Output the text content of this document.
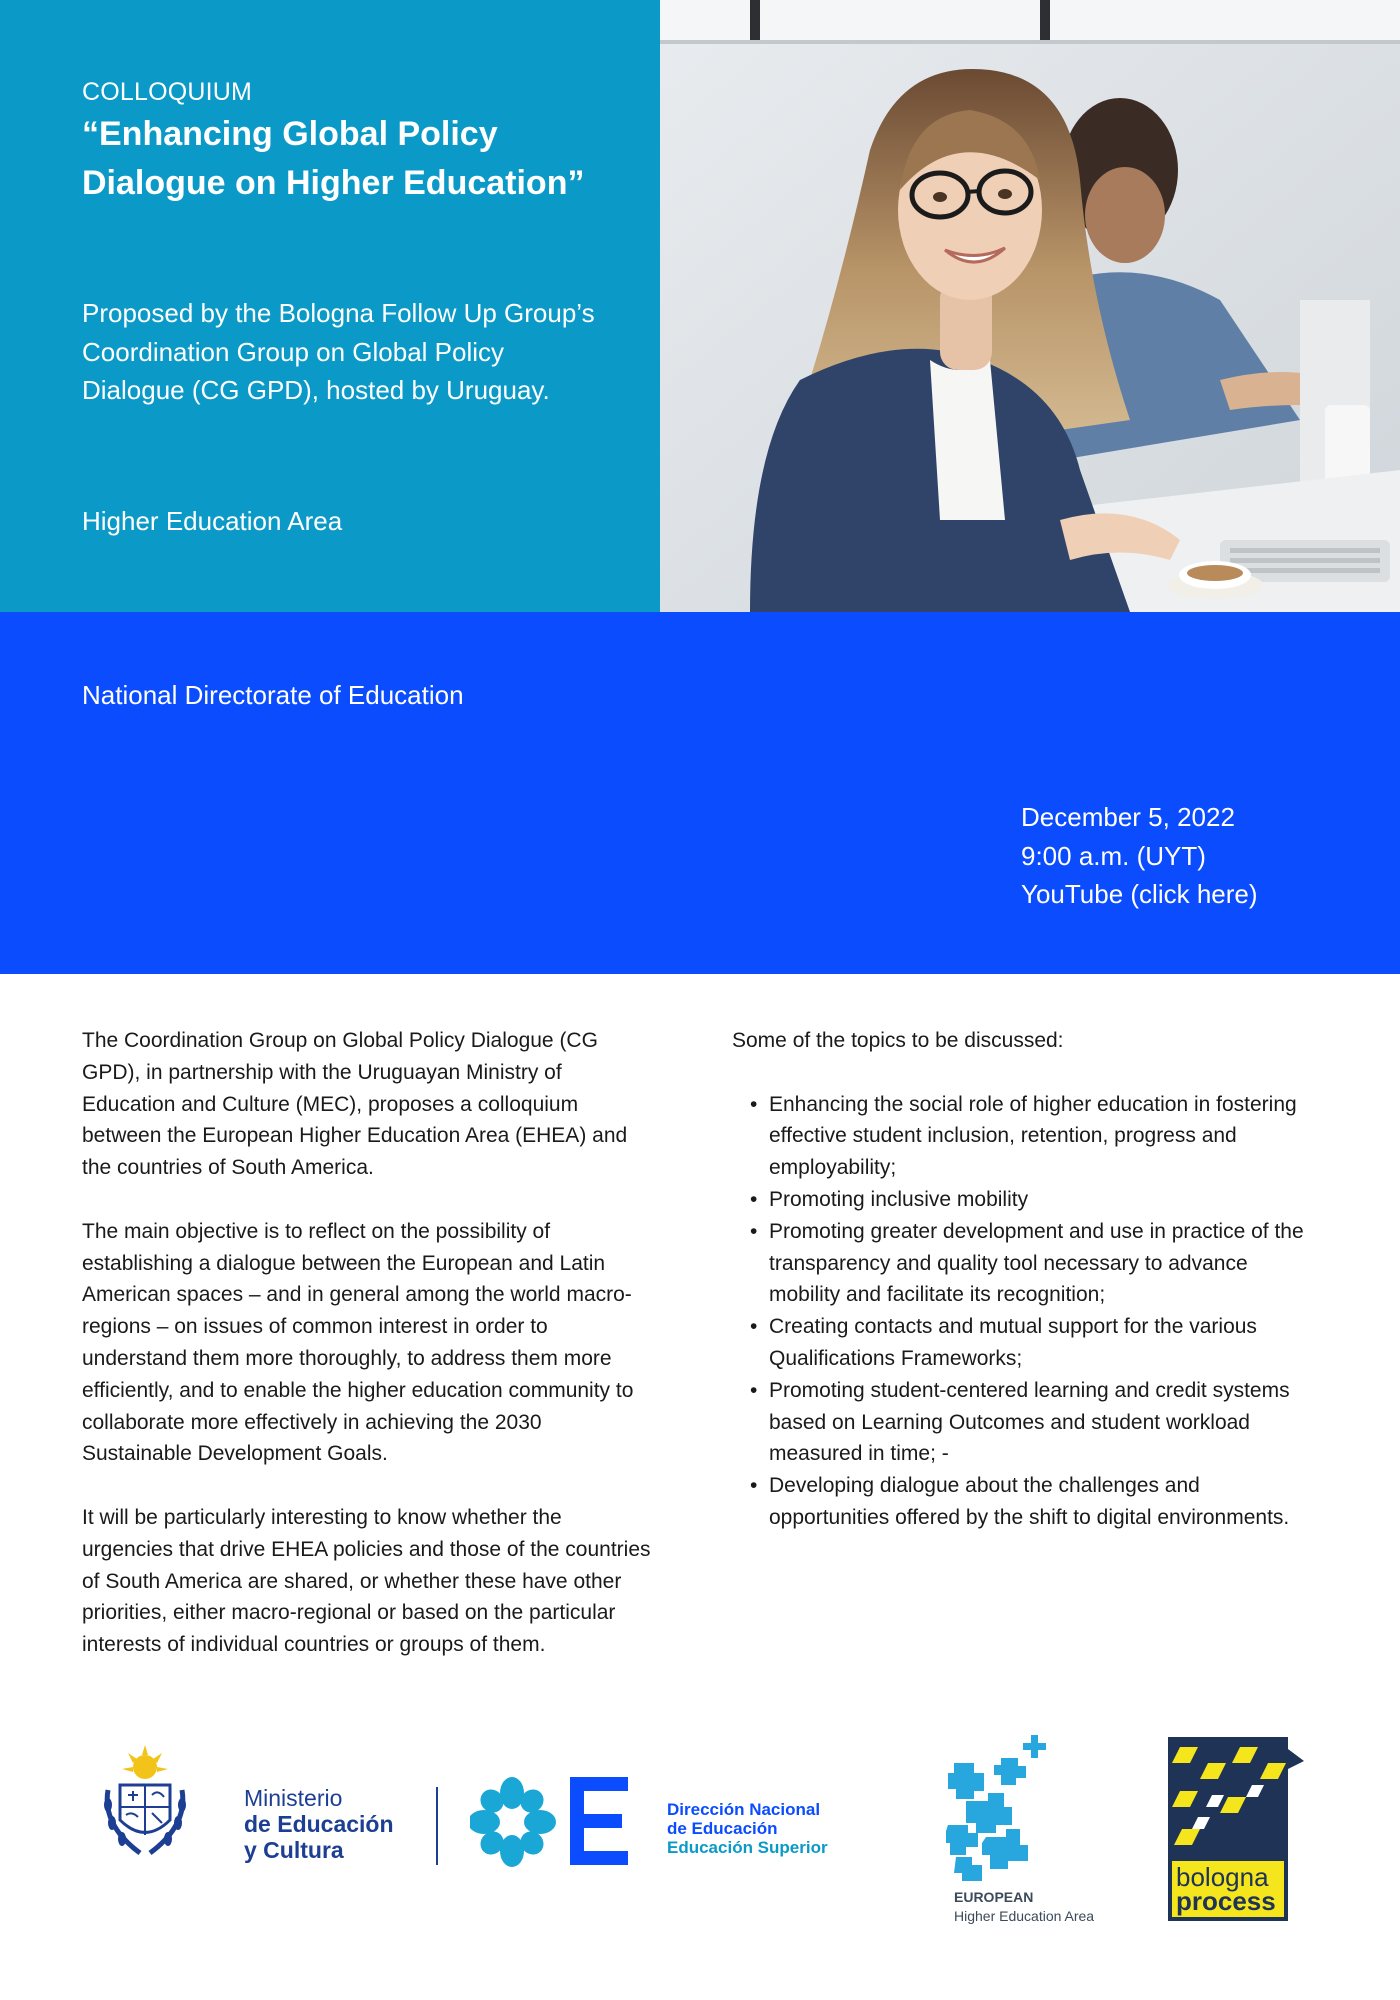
COLLOQUIUM
“Enhancing Global Policy Dialogue on Higher Education”
Proposed by the Bologna Follow Up Group’s Coordination Group on Global Policy Dialogue (CG GPD), hosted by Uruguay.
Higher Education Area
National Directorate of Education
December 5, 2022
9:00 a.m. (UYT)
YouTube (click here)

The Coordination Group on Global Policy Dialogue (CG GPD), in partnership with the Uruguayan Ministry of Education and Culture (MEC), proposes a colloquium between the European Higher Education Area (EHEA) and the countries of South America.

The main objective is to reflect on the possibility of establishing a dialogue between the European and Latin American spaces – and in general among the world macro-regions – on issues of common interest in order to understand them more thoroughly, to address them more efficiently, and to enable the higher education community to collaborate more effectively in achieving the 2030 Sustainable Development Goals.

It will be particularly interesting to know whether the urgencies that drive EHEA policies and those of the countries of South America are shared, or whether these have other priorities, either macro-regional or based on the particular interests of individual countries or groups of them.

Some of the topics to be discussed:

• Enhancing the social role of higher education in fostering effective student inclusion, retention, progress and employability;
• Promoting inclusive mobility
• Promoting greater development and use in practice of the transparency and quality tool necessary to advance mobility and facilitate its recognition;
• Creating contacts and mutual support for the various Qualifications Frameworks;
• Promoting student-centered learning and credit systems based on Learning Outcomes and student workload measured in time; -
• Developing dialogue about the challenges and opportunities offered by the shift to digital environments.
Ministerio
de Educación
y Cultura
Dirección Nacional
de Educación
Educación Superior
EUROPEAN
Higher Education Area
bologna
process
